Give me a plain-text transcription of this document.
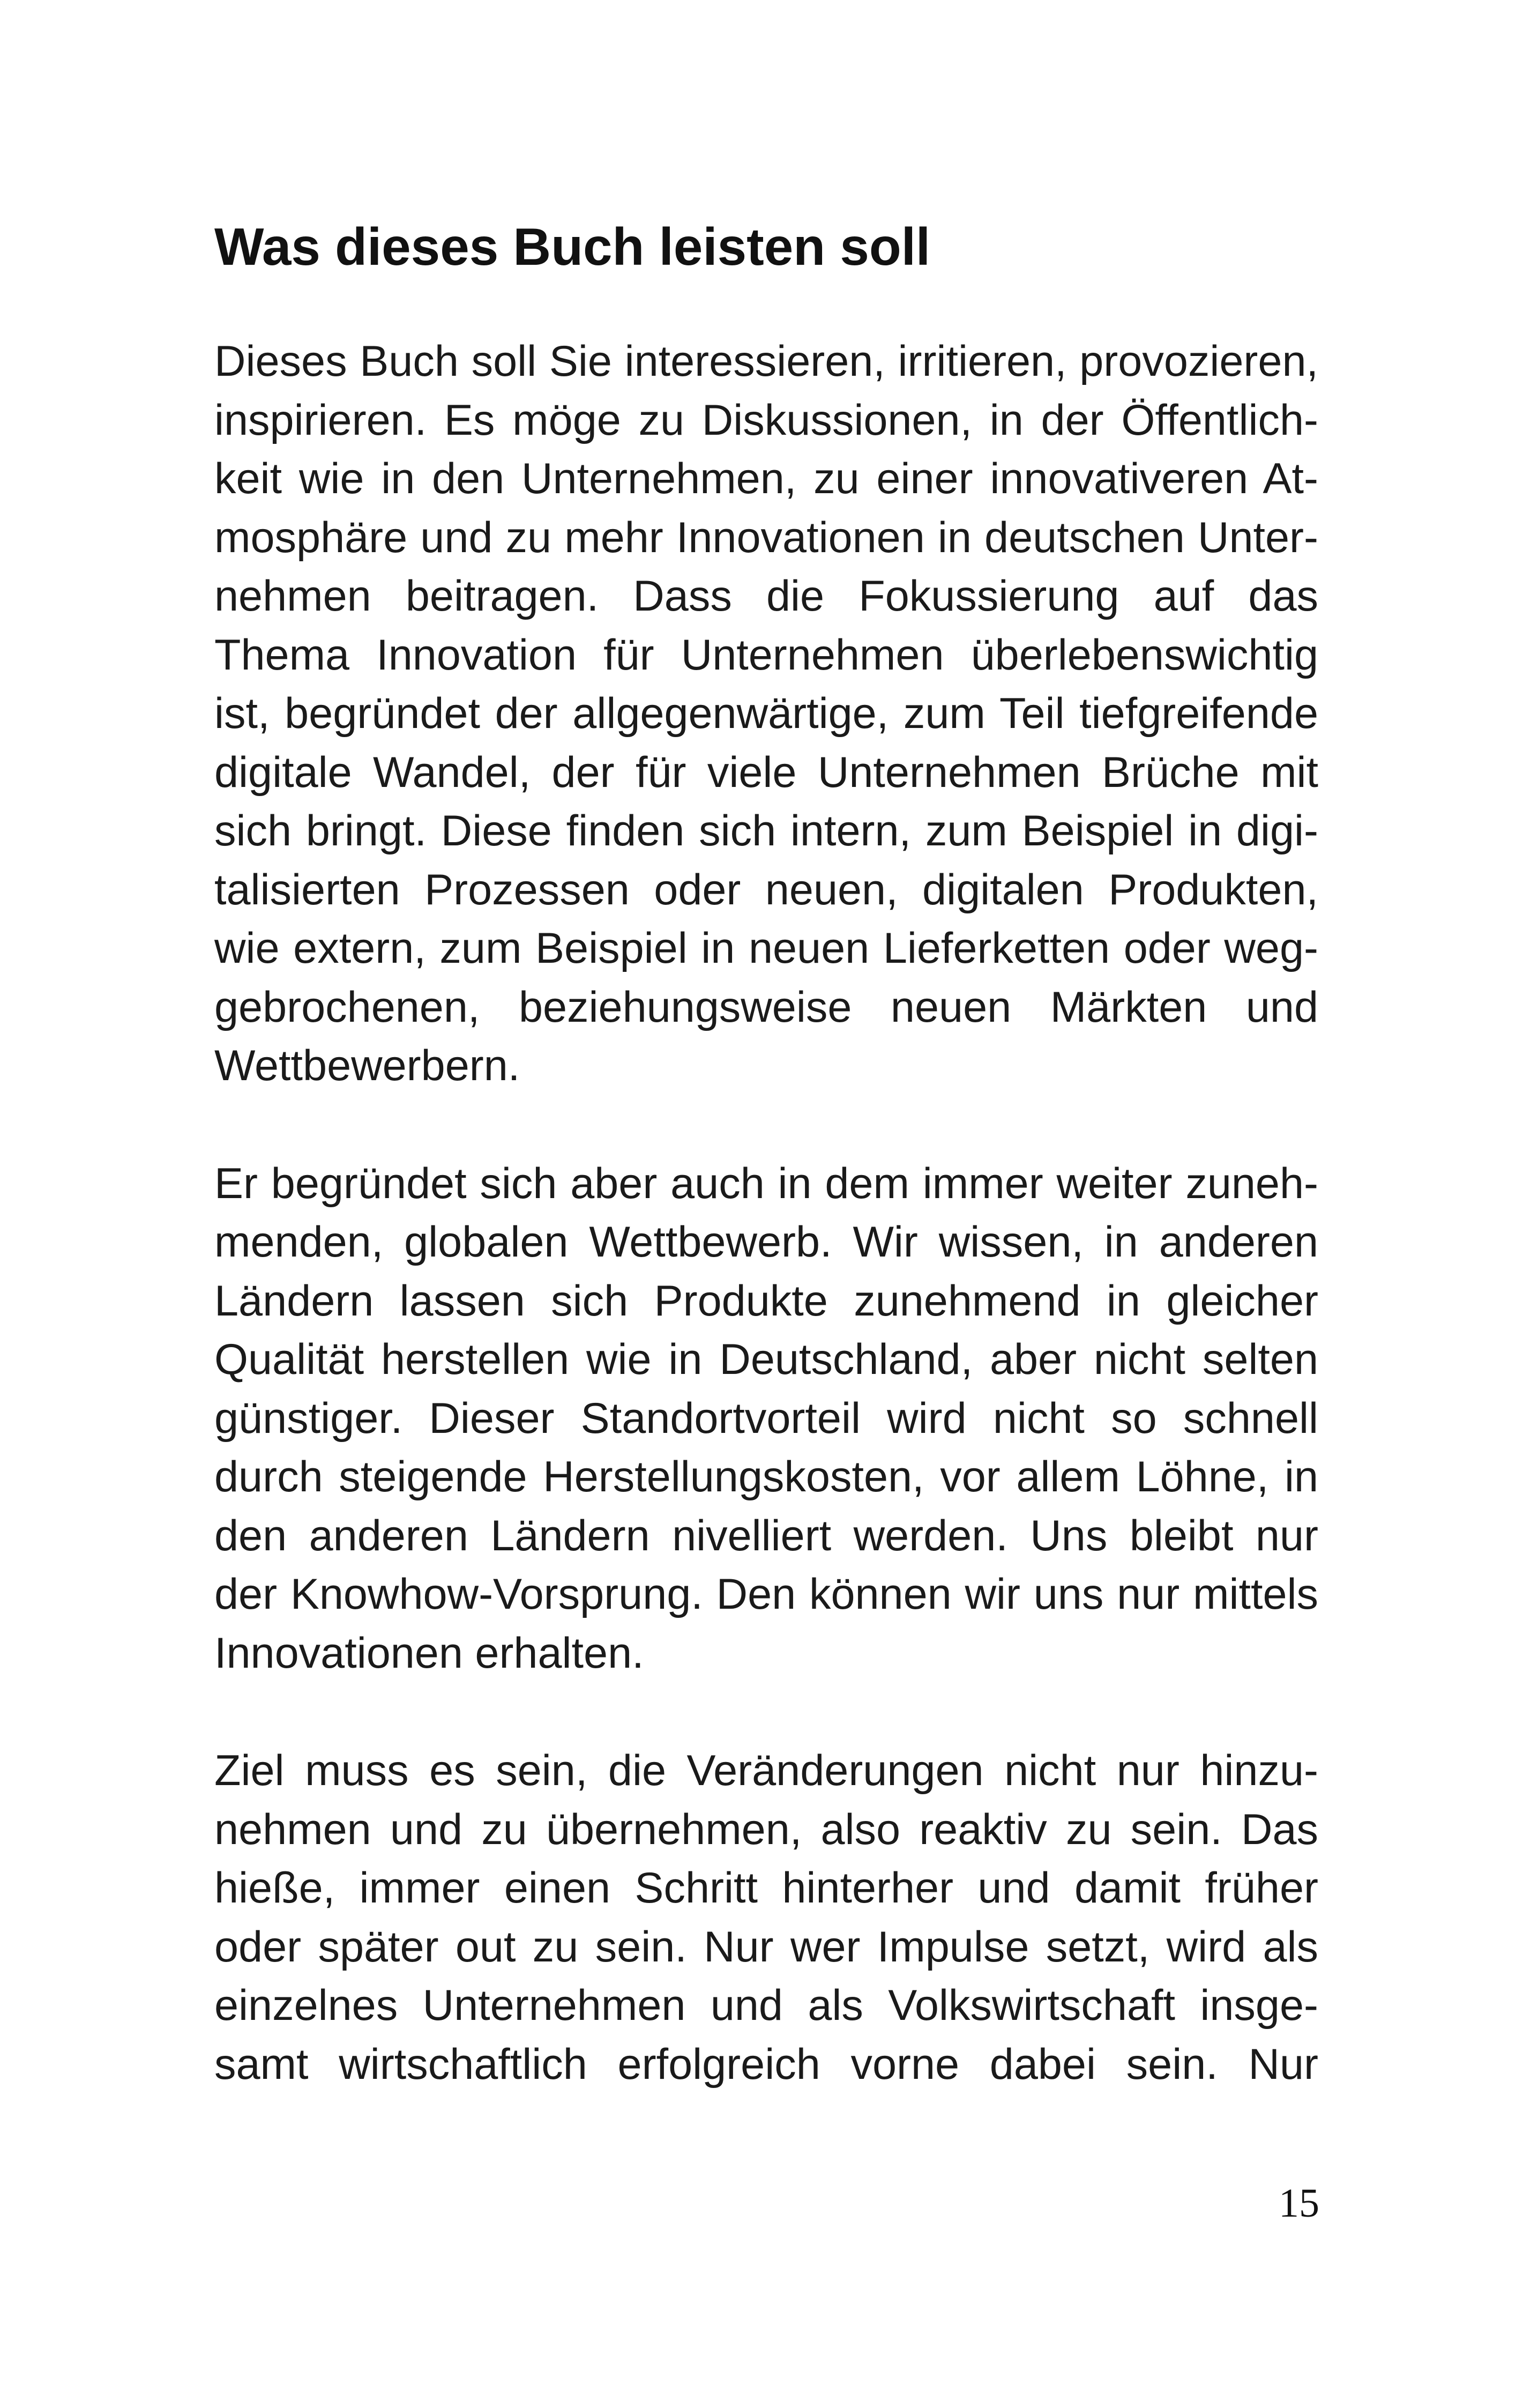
Was dieses Buch leisten soll

Dieses Buch soll Sie interessieren, irritieren, provozieren,
inspirieren. Es möge zu Diskussionen, in der Öffentlich-
keit wie in den Unternehmen, zu einer innovativeren At-
mosphäre und zu mehr Innovationen in deutschen Unter-
nehmen beitragen. Dass die Fokussierung auf das
Thema Innovation für Unternehmen überlebenswichtig
ist, begründet der allgegenwärtige, zum Teil tiefgreifende
digitale Wandel, der für viele Unternehmen Brüche mit
sich bringt. Diese finden sich intern, zum Beispiel in digi-
talisierten Prozessen oder neuen, digitalen Produkten,
wie extern, zum Beispiel in neuen Lieferketten oder weg-
gebrochenen, beziehungsweise neuen Märkten und
Wettbewerbern.

Er begründet sich aber auch in dem immer weiter zuneh-
menden, globalen Wettbewerb. Wir wissen, in anderen
Ländern lassen sich Produkte zunehmend in gleicher
Qualität herstellen wie in Deutschland, aber nicht selten
günstiger. Dieser Standortvorteil wird nicht so schnell
durch steigende Herstellungskosten, vor allem Löhne, in
den anderen Ländern nivelliert werden. Uns bleibt nur
der Knowhow-Vorsprung. Den können wir uns nur mittels
Innovationen erhalten.

Ziel muss es sein, die Veränderungen nicht nur hinzu-
nehmen und zu übernehmen, also reaktiv zu sein. Das
hieße, immer einen Schritt hinterher und damit früher
oder später out zu sein. Nur wer Impulse setzt, wird als
einzelnes Unternehmen und als Volkswirtschaft insge-
samt wirtschaftlich erfolgreich vorne dabei sein. Nur

15
